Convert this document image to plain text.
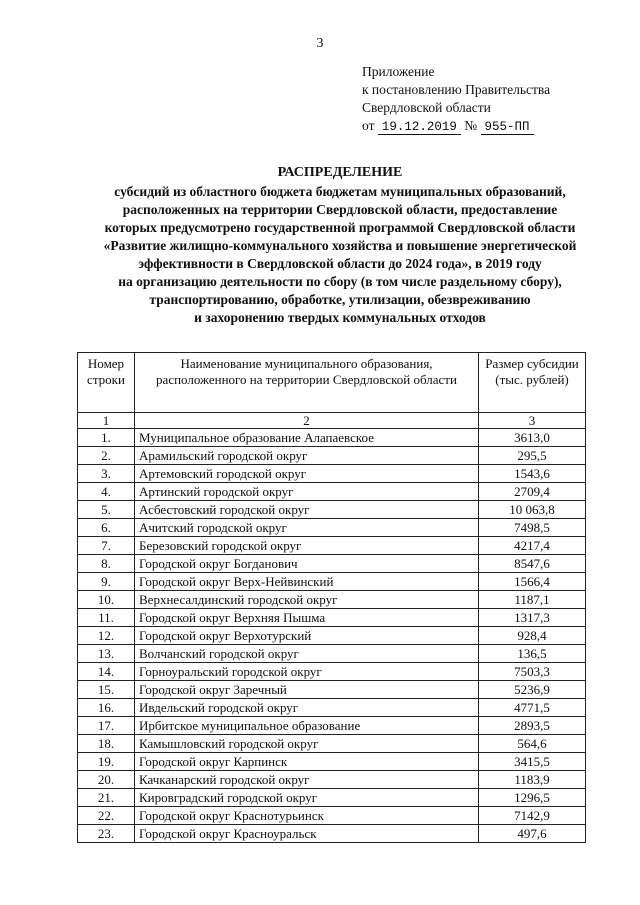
3
Приложение
к постановлению Правительства
Свердловской области
от 19.12.2019 № 955-ПП
РАСПРЕДЕЛЕНИЕ
субсидий из областного бюджета бюджетам муниципальных образований,
расположенных на территории Свердловской области, предоставление
которых предусмотрено государственной программой Свердловской области
«Развитие жилищно-коммунального хозяйства и повышение энергетической
эффективности в Свердловской области до 2024 года», в 2019 году
на организацию деятельности по сбору (в том числе раздельному сбору),
транспортированию, обработке, утилизации, обезвреживанию
и захоронению твердых коммунальных отходов
Номер строки	Наименование муниципального образования, расположенного на территории Свердловской области	Размер субсидии (тыс. рублей)
1	2	3
1.	Муниципальное образование Алапаевское	3613,0
2.	Арамильский городской округ	295,5
3.	Артемовский городской округ	1543,6
4.	Артинский городской округ	2709,4
5.	Асбестовский городской округ	10 063,8
6.	Ачитский городской округ	7498,5
7.	Березовский городской округ	4217,4
8.	Городской округ Богданович	8547,6
9.	Городской округ Верх-Нейвинский	1566,4
10.	Верхнесалдинский городской округ	1187,1
11.	Городской округ Верхняя Пышма	1317,3
12.	Городской округ Верхотурский	928,4
13.	Волчанский городской округ	136,5
14.	Горноуральский городской округ	7503,3
15.	Городской округ Заречный	5236,9
16.	Ивдельский городской округ	4771,5
17.	Ирбитское муниципальное образование	2893,5
18.	Камышловский городской округ	564,6
19.	Городской округ Карпинск	3415,5
20.	Качканарский городской округ	1183,9
21.	Кировградский городской округ	1296,5
22.	Городской округ Краснотурьинск	7142,9
23.	Городской округ Красноуральск	497,6
